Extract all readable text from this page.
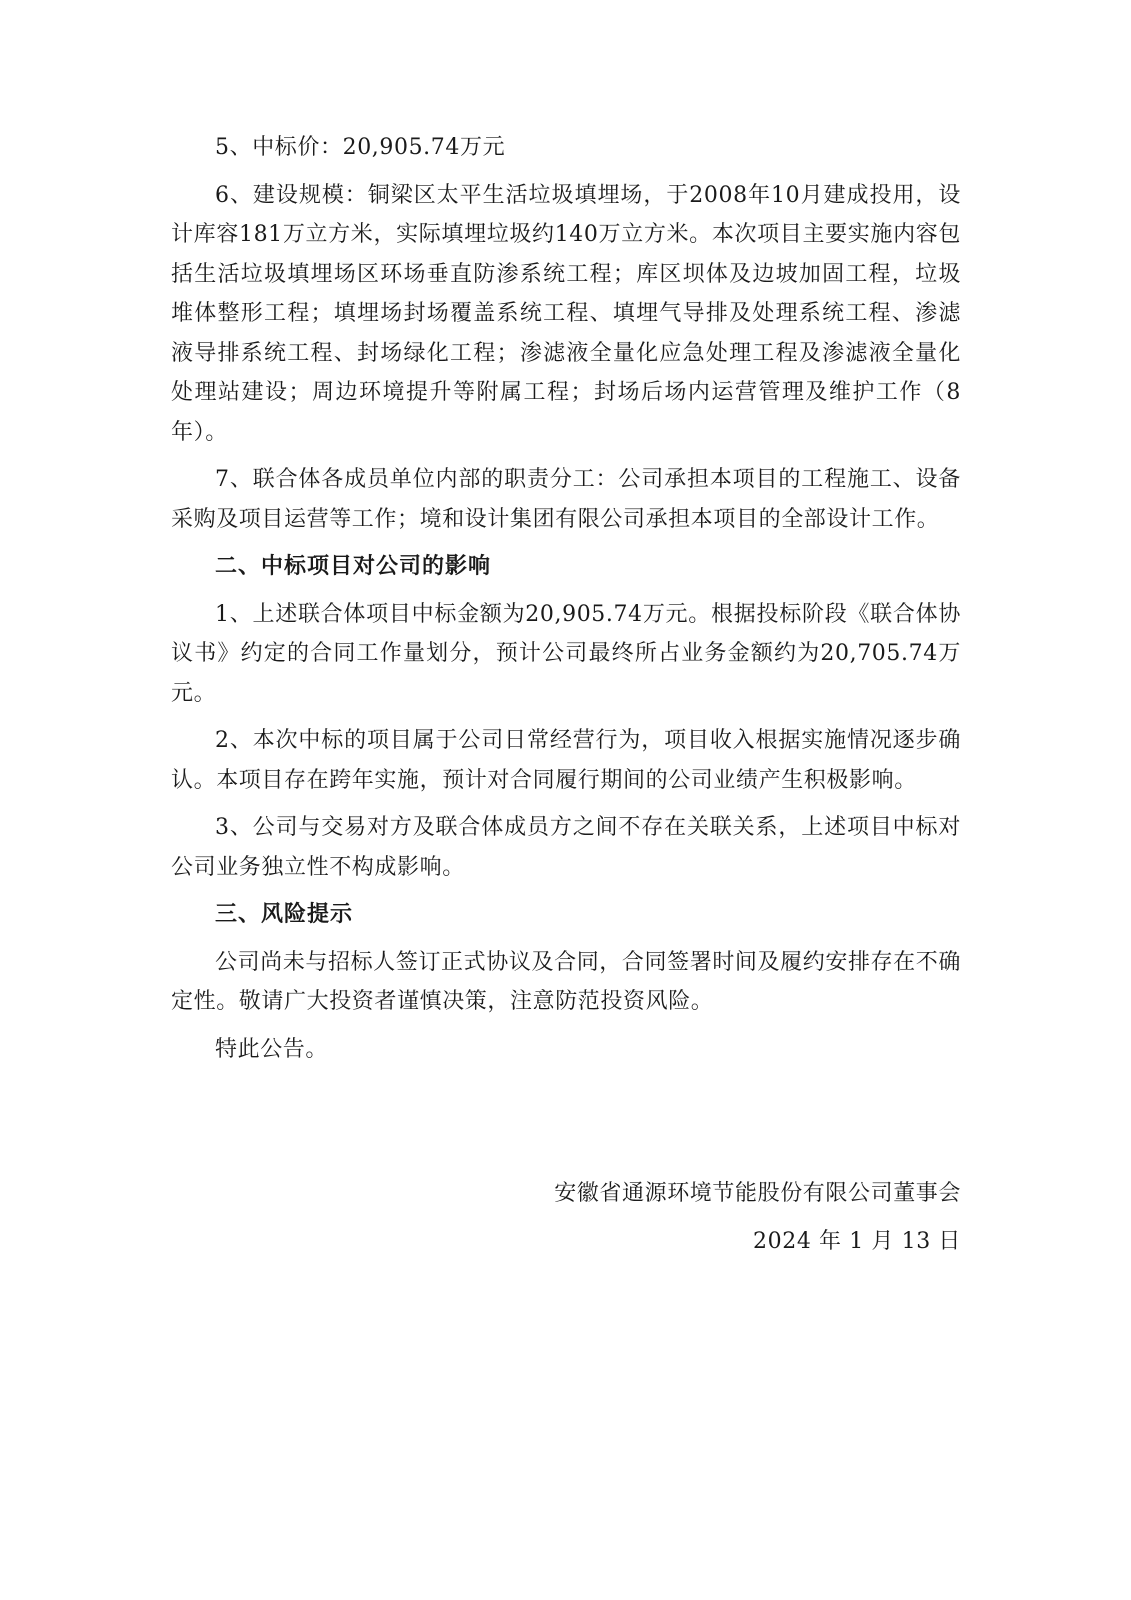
5、中标价：20,905.74万元

6、建设规模：铜梁区太平生活垃圾填埋场，于2008年10月建成投用，设计库容181万立方米，实际填埋垃圾约140万立方米。本次项目主要实施内容包括生活垃圾填埋场区环场垂直防渗系统工程；库区坝体及边坡加固工程，垃圾堆体整形工程；填埋场封场覆盖系统工程、填埋气导排及处理系统工程、渗滤液导排系统工程、封场绿化工程；渗滤液全量化应急处理工程及渗滤液全量化处理站建设；周边环境提升等附属工程；封场后场内运营管理及维护工作（8年）。

7、联合体各成员单位内部的职责分工：公司承担本项目的工程施工、设备采购及项目运营等工作；境和设计集团有限公司承担本项目的全部设计工作。

二、中标项目对公司的影响

1、上述联合体项目中标金额为20,905.74万元。根据投标阶段《联合体协议书》约定的合同工作量划分，预计公司最终所占业务金额约为20,705.74万元。

2、本次中标的项目属于公司日常经营行为，项目收入根据实施情况逐步确认。本项目存在跨年实施，预计对合同履行期间的公司业绩产生积极影响。

3、公司与交易对方及联合体成员方之间不存在关联关系，上述项目中标对公司业务独立性不构成影响。

三、风险提示

公司尚未与招标人签订正式协议及合同，合同签署时间及履约安排存在不确定性。敬请广大投资者谨慎决策，注意防范投资风险。

特此公告。

安徽省通源环境节能股份有限公司董事会
2024 年 1 月 13 日
